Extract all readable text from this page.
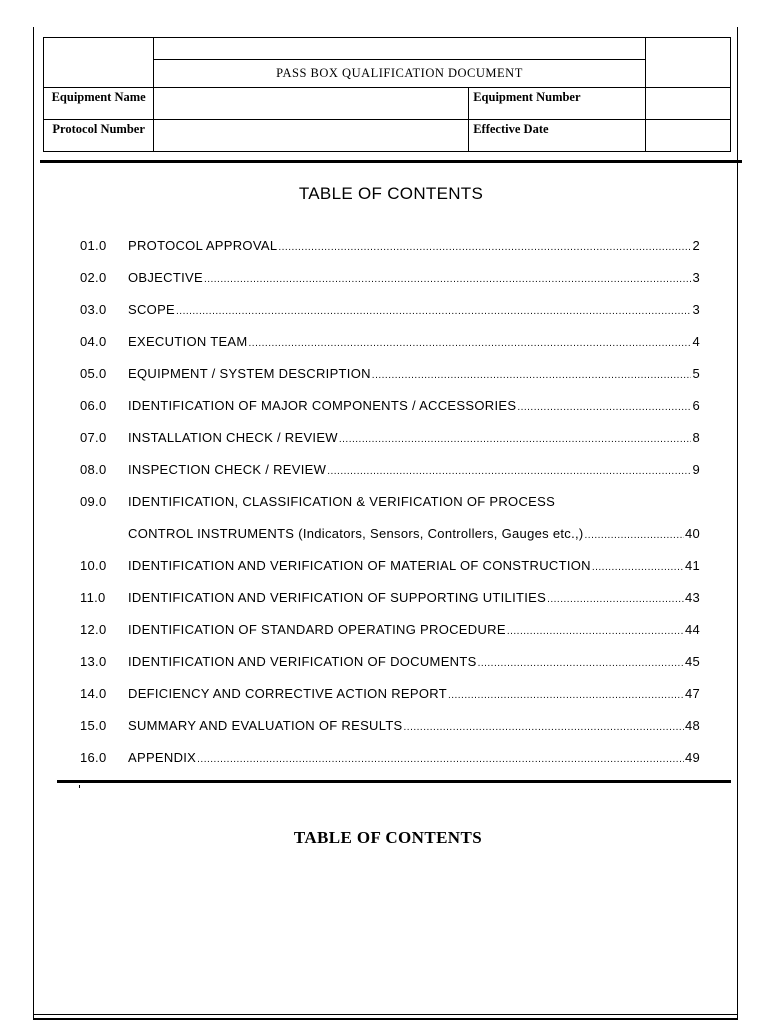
	PASS BOX QUALIFICATION DOCUMENT		
Equipment Name		Equipment Number	
Protocol Number		Effective Date	
TABLE OF CONTENTS
01.0	PROTOCOL APPROVAL .....	2
02.0	OBJECTIVE .....	3
03.0	SCOPE .....	3
04.0	EXECUTION TEAM .....	4
05.0	EQUIPMENT / SYSTEM DESCRIPTION .....	5
06.0	IDENTIFICATION OF MAJOR COMPONENTS / ACCESSORIES .....	6
07.0	INSTALLATION CHECK / REVIEW .....	8
08.0	INSPECTION CHECK / REVIEW .....	9
09.0	IDENTIFICATION, CLASSIFICATION & VERIFICATION OF PROCESS
CONTROL INSTRUMENTS (Indicators, Sensors, Controllers, Gauges etc.,) .....	40
10.0	IDENTIFICATION AND VERIFICATION OF MATERIAL OF CONSTRUCTION .....	41
11.0	IDENTIFICATION AND VERIFICATION OF SUPPORTING UTILITIES .....	43
12.0	IDENTIFICATION OF STANDARD OPERATING PROCEDURE .....	44
13.0	IDENTIFICATION AND VERIFICATION OF DOCUMENTS .....	45
14.0	DEFICIENCY AND CORRECTIVE ACTION REPORT .....	47
15.0	SUMMARY AND EVALUATION OF RESULTS .....	48
16.0	APPENDIX .....	49
TABLE OF CONTENTS
